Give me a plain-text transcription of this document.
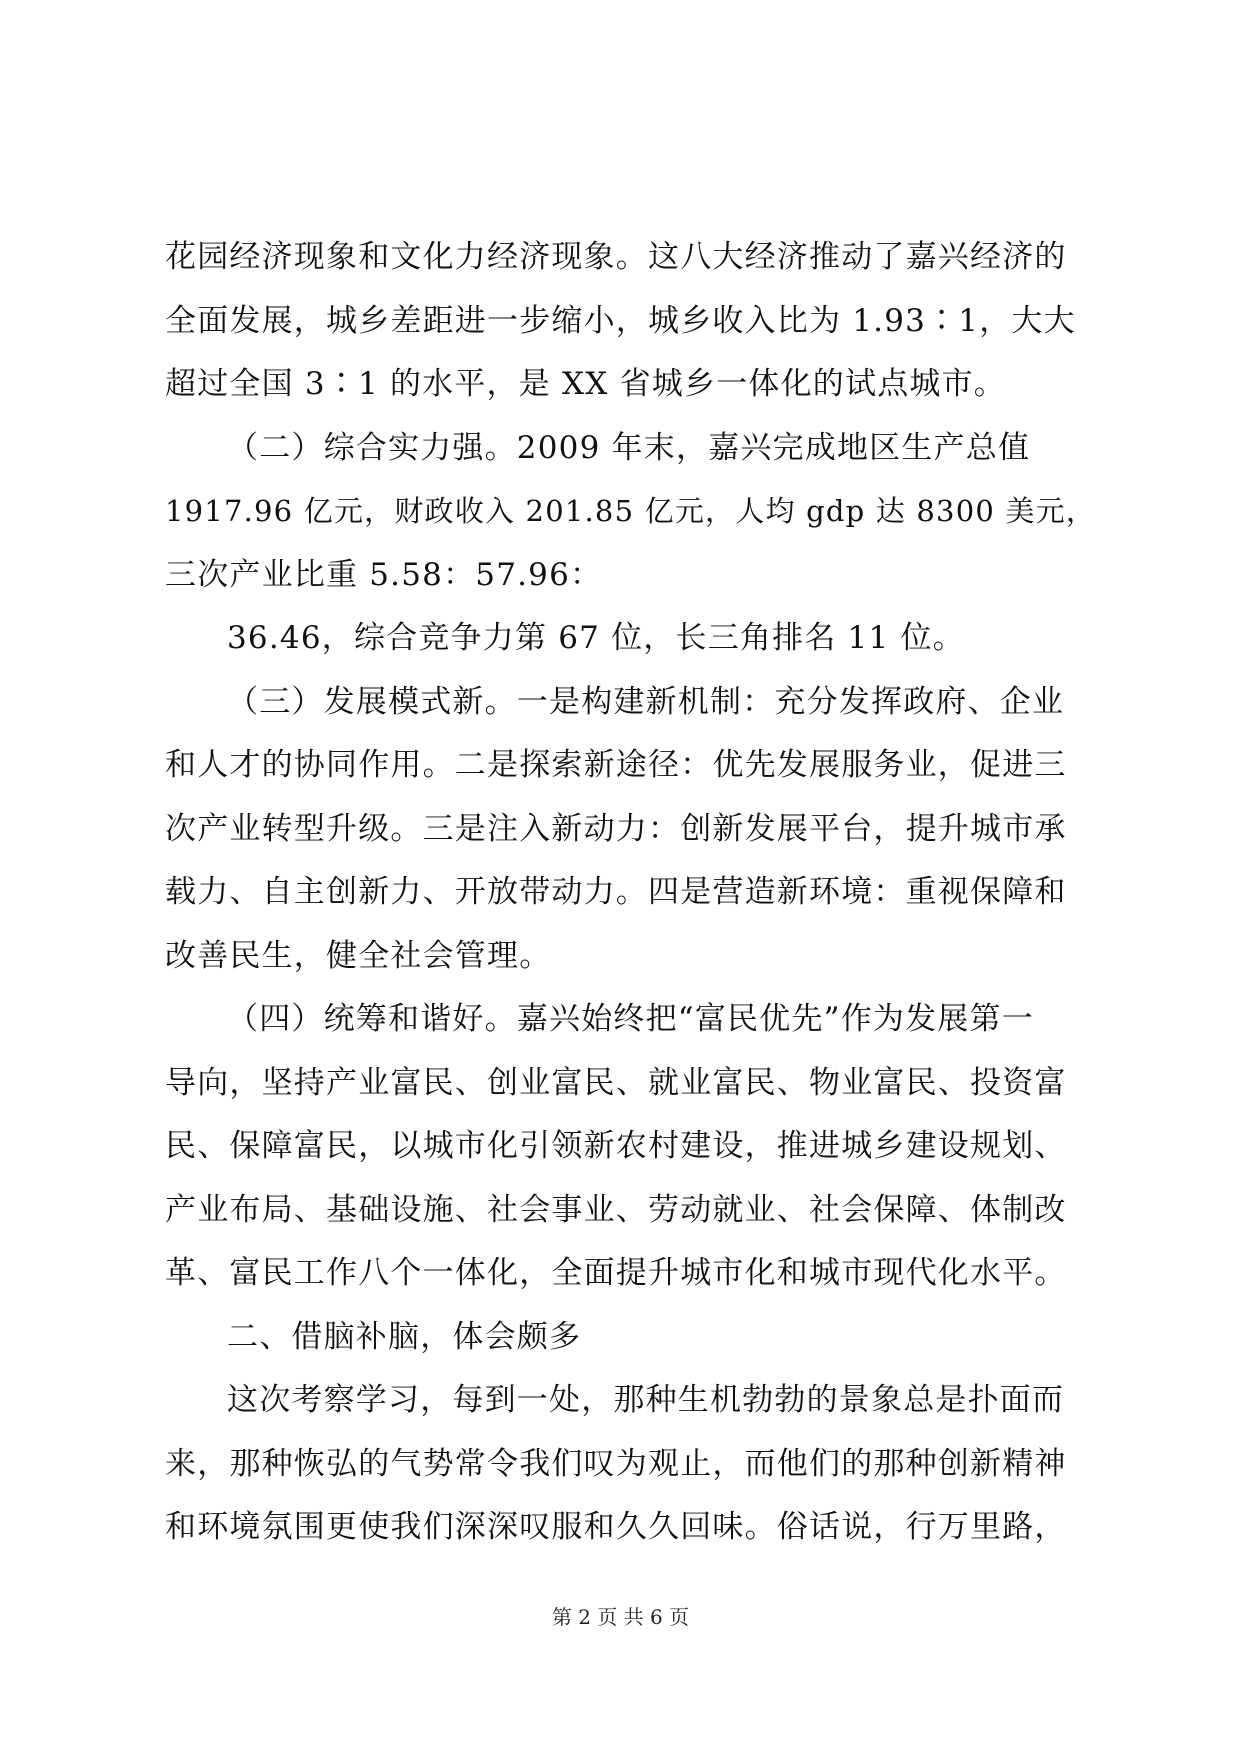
花园经济现象和文化力经济现象。这八大经济推动了嘉兴经济的
全面发展，城乡差距进一步缩小，城乡收入比为 1.93∶1，大大
超过全国 3∶1 的水平，是 XX 省城乡一体化的试点城市。
（二）综合实力强。2009 年末，嘉兴完成地区生产总值
1917.96 亿元，财政收入 201.85 亿元，人均 gdp 达 8300 美元，
三次产业比重 5.58：57.96：
36.46，综合竞争力第 67 位，长三角排名 11 位。
（三）发展模式新。一是构建新机制：充分发挥政府、企业
和人才的协同作用。二是探索新途径：优先发展服务业，促进三
次产业转型升级。三是注入新动力：创新发展平台，提升城市承
载力、自主创新力、开放带动力。四是营造新环境：重视保障和
改善民生，健全社会管理。
（四）统筹和谐好。嘉兴始终把“富民优先”作为发展第一
导向，坚持产业富民、创业富民、就业富民、物业富民、投资富
民、保障富民，以城市化引领新农村建设，推进城乡建设规划、
产业布局、基础设施、社会事业、劳动就业、社会保障、体制改
革、富民工作八个一体化，全面提升城市化和城市现代化水平。
二、借脑补脑，体会颇多
这次考察学习，每到一处，那种生机勃勃的景象总是扑面而
来，那种恢弘的气势常令我们叹为观止，而他们的那种创新精神
和环境氛围更使我们深深叹服和久久回味。俗话说，行万里路，
第 2 页 共 6 页
